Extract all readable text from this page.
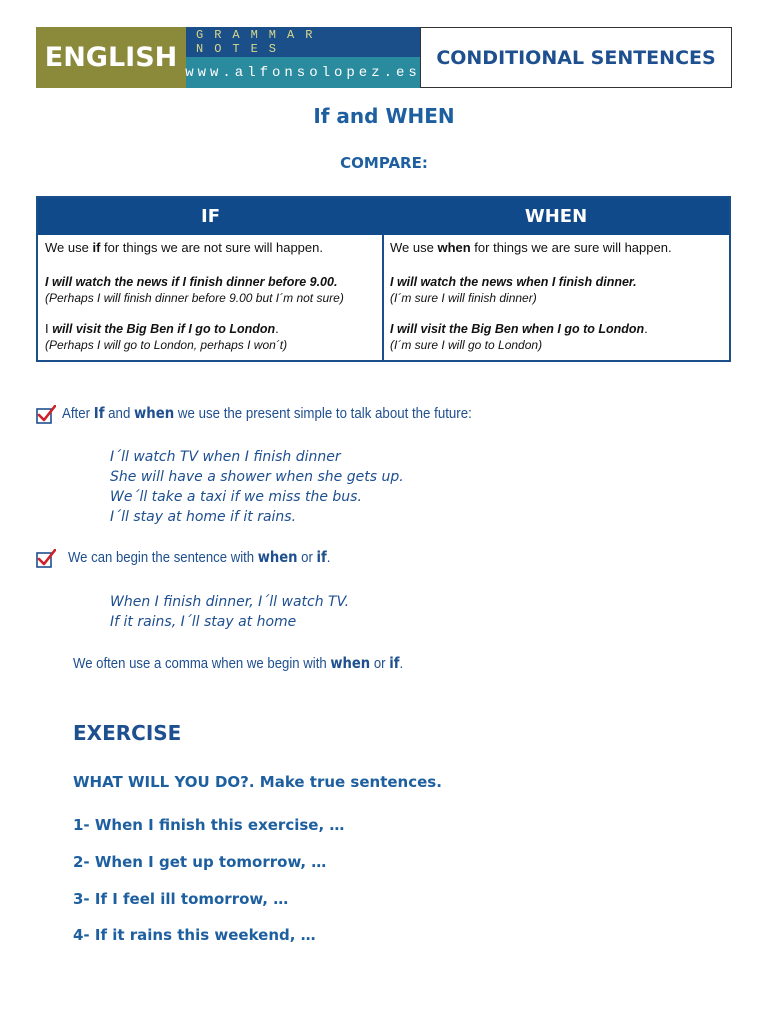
ENGLISH
GRAMMAR NOTES
www.alfonsolopez.es
CONDITIONAL SENTENCES
If and WHEN
COMPARE:
IF	WHEN

We use if for things we are not sure will happen.

I will watch the news if I finish dinner before 9.00.

(Perhaps I will finish dinner before 9.00 but I´m not sure)

I will visit the Big Ben if I go to London.

(Perhaps I will go to London, perhaps I won´t)

We use when for things we are sure will happen.

I will watch the news when I finish dinner.

(I´m sure I will finish dinner)

I will visit the Big Ben when I go to London.

(I´m sure I will go to London)

After If and when we use the present simple to talk about the future:
I´ll watch TV when I finish dinner
She will have a shower when she gets up.
We´ll take a taxi if we miss the bus.
I´ll stay at home if it rains.
We can begin the sentence with when or if.
When I finish dinner, I´ll watch TV.
If it rains, I´ll stay at home
We often use a comma when we begin with when or if.
EXERCISE
WHAT WILL YOU DO?. Make true sentences.
1- When I finish this exercise, …
2- When I get up tomorrow, …
3- If I feel ill tomorrow, …
4- If it rains this weekend, …
